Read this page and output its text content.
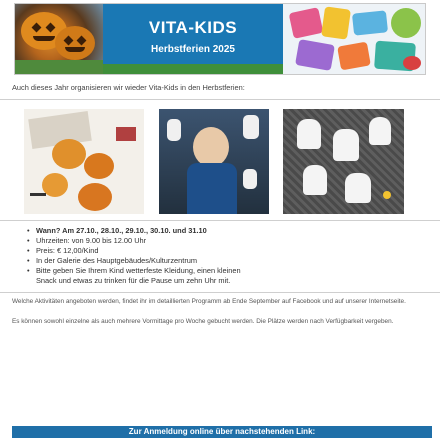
VITA-KIDS
Herbstferien 2025
Auch dieses Jahr organisieren wir wieder Vita-Kids in den Herbstferien:
• Wann? Am 27.10., 28.10., 29.10., 30.10. und 31.10
• Uhrzeiten: von 9.00 bis 12.00 Uhr
• Preis: € 12,00/Kind
• In der Galerie des Hauptgebäudes/Kulturzentrum
• Bitte geben Sie Ihrem Kind wetterfeste Kleidung, einen kleinen
Snack und etwas zu trinken für die Pause um zehn Uhr mit.
Welche Aktivitäten angeboten werden, findet ihr im detaillierten Programm ab Ende September auf Facebook und auf unserer Internetseite.
Es können sowohl einzelne als auch mehrere Vormittage pro Woche gebucht werden. Die Plätze werden nach Verfügbarkeit vergeben.
Zur Anmeldung online über nachstehenden Link:
